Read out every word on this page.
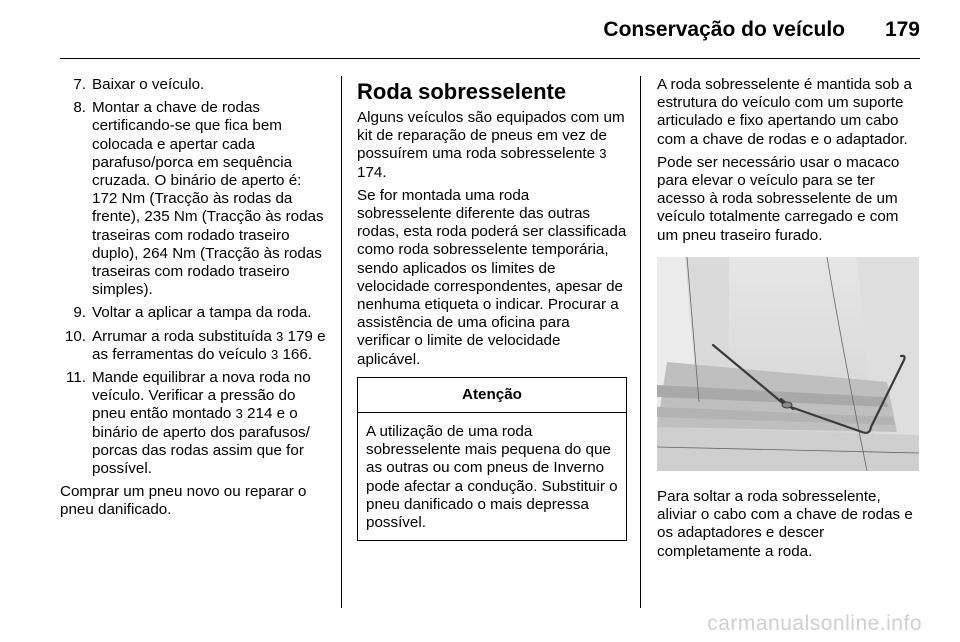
Conservação do veículo 179
7. Baixar o veículo.
8. Montar a chave de rodas certificando-se que fica bem colocada e apertar cada parafuso/porca em sequência cruzada. O binário de aperto é: 172 Nm (Tracção às rodas da frente), 235 Nm (Tracção às rodas traseiras com rodado traseiro duplo), 264 Nm (Tracção às rodas traseiras com rodado traseiro simples).
9. Voltar a aplicar a tampa da roda.
10. Arrumar a roda substituída 3 179 e as ferramentas do veículo 3 166.
11. Mande equilibrar a nova roda no veículo. Verificar a pressão do pneu então montado 3 214 e o binário de aperto dos parafusos/ porcas das rodas assim que for possível.

Comprar um pneu novo ou reparar o pneu danificado.

Roda sobresselente

Alguns veículos são equipados com um kit de reparação de pneus em vez de possuírem uma roda sobresselente 3 174.

Se for montada uma roda sobresselente diferente das outras rodas, esta roda poderá ser classificada como roda sobresselente temporária, sendo aplicados os limites de velocidade correspondentes, apesar de nenhuma etiqueta o indicar. Procurar a assistência de uma oficina para verificar o limite de velocidade aplicável.

Atenção
A utilização de uma roda sobresselente mais pequena do que as outras ou com pneus de Inverno pode afectar a condução. Substituir o pneu danificado o mais depressa possível.

A roda sobresselente é mantida sob a estrutura do veículo com um suporte articulado e fixo apertando um cabo com a chave de rodas e o adaptador.

Pode ser necessário usar o macaco para elevar o veículo para se ter acesso à roda sobresselente de um veículo totalmente carregado e com um pneu traseiro furado.

Para soltar a roda sobresselente, aliviar o cabo com a chave de rodas e os adaptadores e descer completamente a roda.

carmanualsonline.info
